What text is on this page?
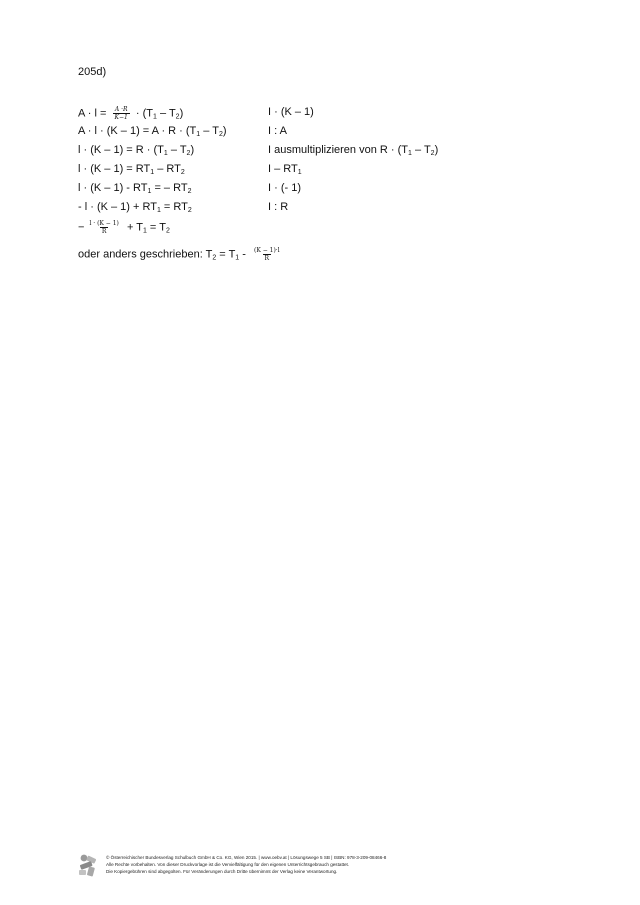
205d)
$A \cdot l = \frac{A \cdot R}{K-1} \cdot (T_1 - T_2)$	I · (K – 1)
$A \cdot l \cdot (K - 1) = A \cdot R \cdot (T_1 - T_2)$	I : A
$l \cdot (K - 1) = R \cdot (T_1 - T_2)$	I ausmultiplizieren von $R \cdot (T_1 - T_2)$
$l \cdot (K - 1) = RT_1 - RT_2$	I – $RT_1$
$l \cdot (K - 1) - RT_1$ = – $RT_2$	I · (- 1)
- $l \cdot (K - 1) + RT_1 = RT_2$	I : R
− $\frac{l \cdot (K - 1)}{R} + T_1 = T_2$
oder anders geschrieben: $T_2 = T_1 - \frac{(K - 1)\cdot l}{R}$
© Österreichischer Bundesverlag Schulbuch GmbH & Co. KG, Wien 2015. | www.oebv.at | Lösungswege 5 SB | ISBN: 978-3-209-08466-8
Alle Rechte vorbehalten. Von dieser Druckvorlage ist die Vervielfältigung für den eigenen Unterrichtsgebrauch gestattet.
Die Kopiergebühren sind abgegolten. Für Veränderungen durch Dritte übernimmt der Verlag keine Verantwortung.
